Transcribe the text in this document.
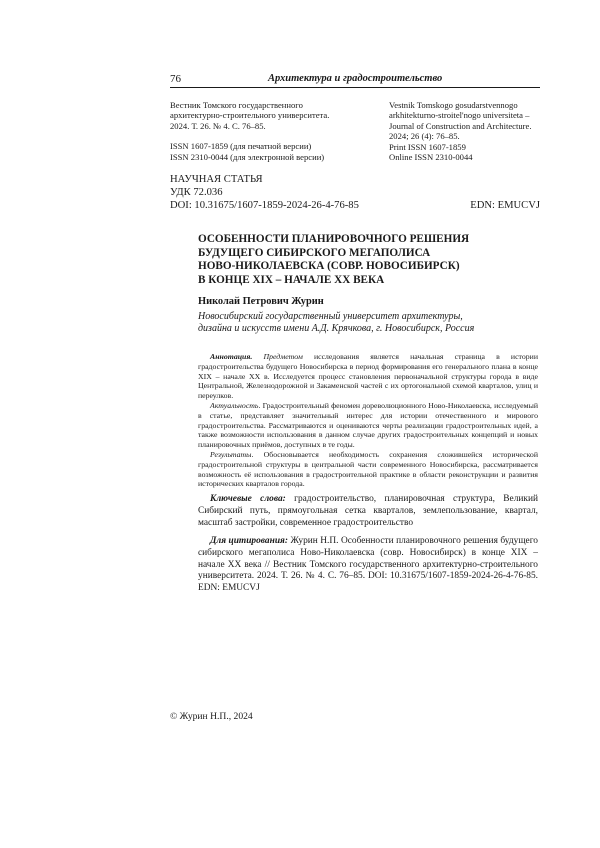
76	Архитектура и градостроительство
Вестник Томского государственного
архитектурно-строительного университета.
2024. Т. 26. № 4. С. 76–85.
ISSN 1607-1859 (для печатной версии)
ISSN 2310-0044 (для электронной версии)
Vestnik Tomskogo gosudarstvennogo
arkhitekturno-stroitel'nogo universiteta –
Journal of Construction and Architecture.
2024; 26 (4): 76–85.
Print ISSN 1607-1859
Online ISSN 2310-0044
НАУЧНАЯ СТАТЬЯ
УДК 72.036
DOI: 10.31675/1607-1859-2024-26-4-76-85	EDN: EMUCVJ
ОСОБЕННОСТИ ПЛАНИРОВОЧНОГО РЕШЕНИЯ
БУДУЩЕГО СИБИРСКОГО МЕГАПОЛИСА
НОВО-НИКОЛАЕВСКА (СОВР. НОВОСИБИРСК)
В КОНЦЕ XIX – НАЧАЛЕ XX ВЕКА
Николай Петрович Журин
Новосибирский государственный университет архитектуры,
дизайна и искусств имени А.Д. Крячкова, г. Новосибирск, Россия

Аннотация. Предметом исследования является начальная страница в истории градостроительства будущего Новосибирска в период формирования его генерального плана в конце XIX – начале XX в. Исследуется процесс становления первоначальной структуры города в виде Центральной, Железнодорожной и Закаменской частей с их ортогональной схемой кварталов, улиц и переулков.

Актуальность. Градостроительный феномен дореволюционного Ново-Николаевска, исследуемый в статье, представляет значительный интерес для истории отечественного и мирового градостроительства. Рассматриваются и оцениваются черты реализации градостроительных идей, а также возможности использования в данном случае других градостроительных концепций и новых планировочных приёмов, доступных в те годы.

Результаты. Обосновывается необходимость сохранения сложившейся исторической градостроительной структуры в центральной части современного Новосибирска, рассматривается возможность её использования в градостроительной практике в области реконструкции и развития исторических кварталов города.

Ключевые слова: градостроительство, планировочная структура, Великий Сибирский путь, прямоугольная сетка кварталов, землепользование, квартал, масштаб застройки, современное градостроительство

Для цитирования: Журин Н.П. Особенности планировочного решения будущего сибирского мегаполиса Ново-Николаевска (совр. Новосибирск) в конце XIX – начале XX века // Вестник Томского государственного архитектурно-строительного университета. 2024. Т. 26. № 4. С. 76–85. DOI: 10.31675/1607-1859-2024-26-4-76-85. EDN: EMUCVJ

© Журин Н.П., 2024
